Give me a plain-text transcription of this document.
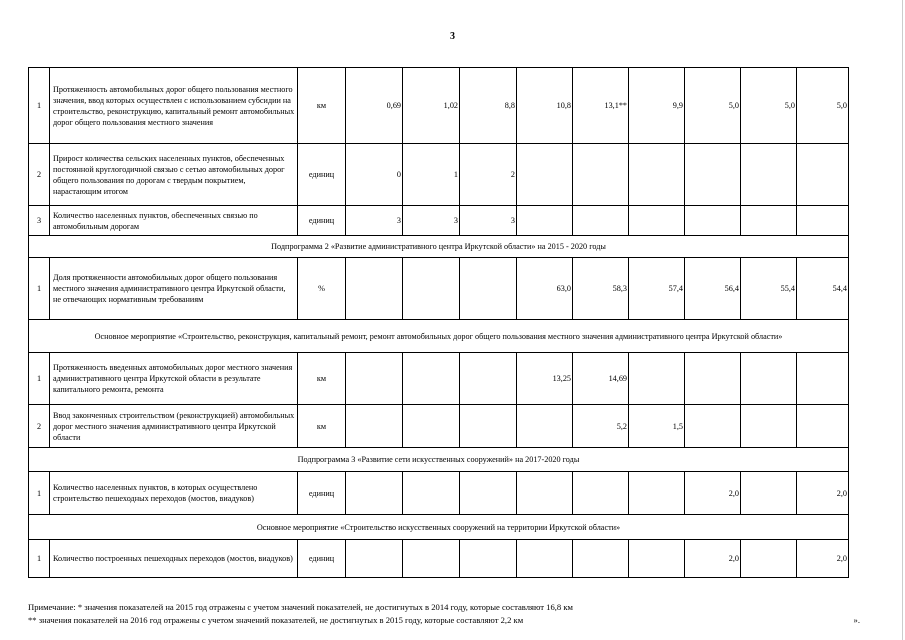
3
1	Протяженность автомобильных дорог общего пользования местного значения, ввод которых осуществлен с использованием субсидии на строительство, реконструкцию, капитальный ремонт автомобильных дорог общего пользования местного значения	км	0,69	1,02	8,8	10,8	13,1**	9,9	5,0	5,0	5,0
2	Прирост количества сельских населенных пунктов, обеспеченных постоянной круглогодичной связью с сетью автомобильных дорог общего пользования по дорогам с твердым покрытием, нарастающим итогом	единиц	0	1	2						
3	Количество населенных пунктов, обеспеченных связью по автомобильным дорогам	единиц	3	3	3						
Подпрограмма 2 «Развитие административного центра Иркутской области» на 2015 - 2020 годы											
1	Доля протяженности автомобильных дорог общего пользования местного значения административного центра Иркутской области, не отвечающих нормативным требованиям	%				63,0	58,3	57,4	56,4	55,4	54,4
Основное мероприятие «Строительство, реконструкция, капитальный ремонт, ремонт автомобильных дорог общего пользования местного значения административного центра Иркутской области»											
1	Протяженность введенных автомобильных дорог местного значения административного центра Иркутской области в результате капитального ремонта, ремонта	км				13,25	14,69				
2	Ввод законченных строительством (реконструкцией) автомобильных дорог местного значения административного центра Иркутской области	км					5,2	1,5			
Подпрограмма 3 «Развитие сети искусственных сооружений» на 2017-2020 годы											
1	Количество населенных пунктов, в которых осуществлено строительство пешеходных переходов (мостов, виадуков)	единиц							2,0		2,0
Основное мероприятие «Строительство искусственных сооружений на территории Иркутской области»											
1	Количество построенных пешеходных переходов (мостов, виадуков)	единиц							2,0		2,0
Примечание: * значения показателей на 2015 год отражены с учетом значений показателей, не достигнутых в 2014 году, которые составляют 16,8 км
** значения показателей на 2016 год отражены с учетом значений показателей, не достигнутых в 2015 году, которые составляют 2,2 км	».
